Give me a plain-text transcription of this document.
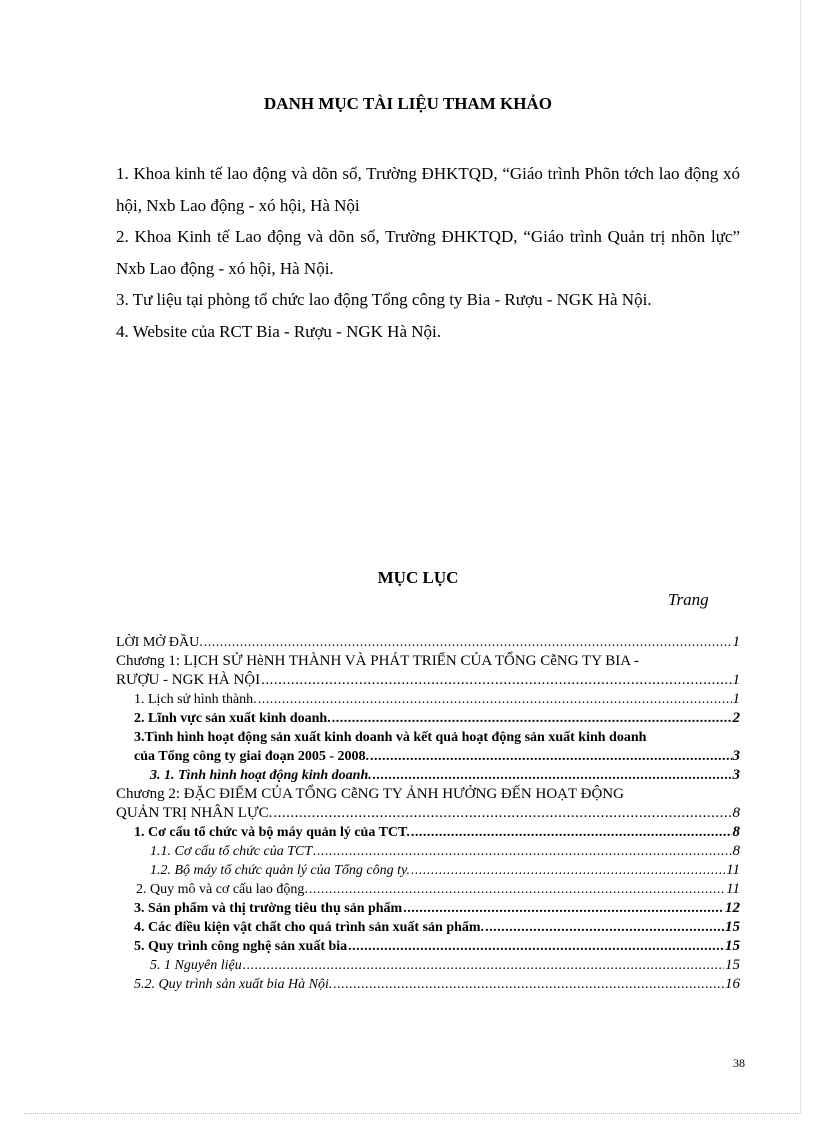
DANH MỤC TÀI LIỆU THAM KHẢO

1. Khoa kinh tế lao động và dõn số, Trường ĐHKTQD, “Giáo trình Phõn tớch lao động xó hội, Nxb Lao động - xó hội, Hà Nội

2. Khoa Kinh tế Lao động và dõn số, Trường ĐHKTQD, “Giáo trình Quản trị nhõn lực” Nxb Lao động - xó hội, Hà Nội.

3. Tư liệu tại phòng tổ chức lao động Tổng công ty Bia - Rượu - NGK Hà Nội.

4. Website của RCT Bia - Rượu - NGK Hà Nội.

MỤC LỤC
Trang
LỜI MỞ ĐẦU. .....	1
Chương 1: LỊCH SỬ HèNH THÀNH VÀ PHÁT TRIỂN CỦA TỔNG CễNG TY BIA -
RƯỢU - NGK HÀ NỘI .....	1
1. Lịch sử hình thành. .....	1
2. Lĩnh vực sản xuất kinh doanh. .....	2
3.Tình hình hoạt động sản xuất kinh doanh và kết quả hoạt động sản xuất kinh doanh
của Tổng công ty giai đoạn 2005 - 2008. .....	3
3. 1. Tình hình hoạt động kinh doanh. .....	3
Chương 2: ĐẶC ĐIỂM CỦA TỔNG CễNG TY ẢNH HƯỞNG ĐẾN HOẠT ĐỘNG
QUẢN TRỊ NHÂN LỰC. .....	8
1. Cơ cấu tổ chức và bộ máy quản lý của TCT. .....	8
1.1. Cơ cấu tổ chức của TCT .....	8
1.2. Bộ máy tổ chức quản lý của Tổng công ty. .....	11
2. Quy mô và cơ cấu lao động. .....	11
3. Sản phẩm và thị trường tiêu thụ sản phẩm .....	12
4. Các điều kiện vật chất cho quá trình sản xuất sản phẩm. .....	15
5. Quy trình công nghệ sản xuất bia .....	15
5. 1 Nguyên liệu .....	15
5.2. Quy trình sản xuất bia Hà Nội. .....	16
38
